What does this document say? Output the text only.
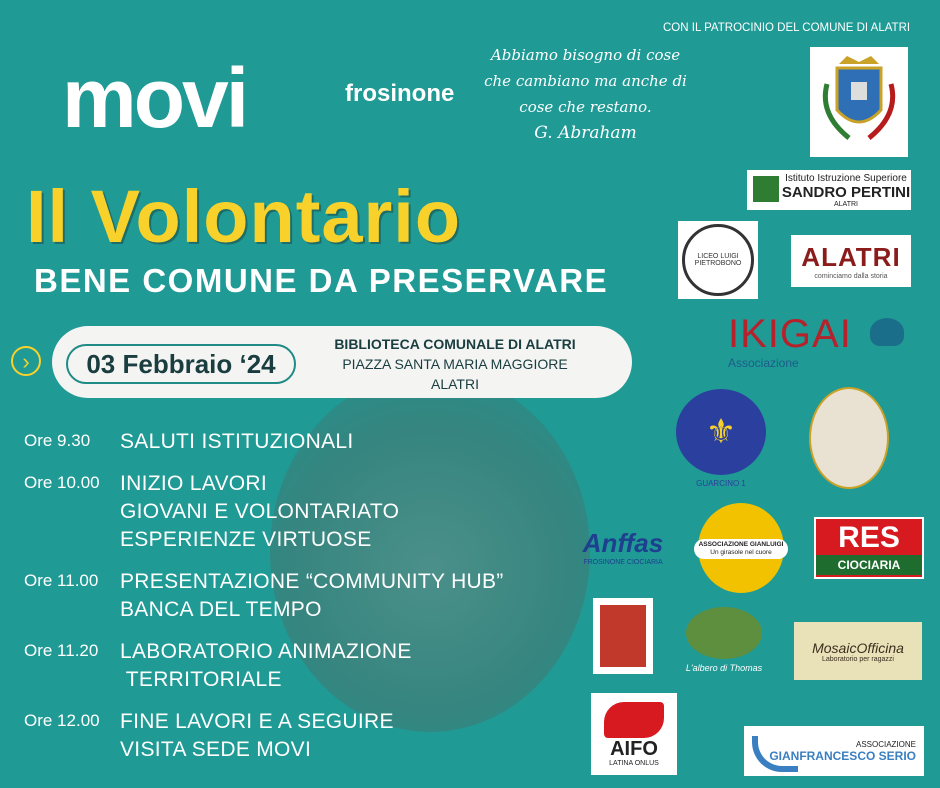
CON IL PATROCINIO DEL COMUNE DI ALATRI
movi	frosinone
Abbiamo bisogno di cose
che cambiano ma anche di
cose che restano.
G. Abraham
Il Volontario
BENE COMUNE DA PRESERVARE
›	03 Febbraio ‘24
BIBLIOTECA COMUNALE DI ALATRI
PIAZZA SANTA MARIA MAGGIORE
ALATRI
Ore 9.30	SALUTI ISTITUZIONALI
Ore 10.00 INIZIO LAVORI
GIOVANI E VOLONTARIATO
ESPERIENZE VIRTUOSE
Ore 11.00	PRESENTAZIONE “COMMUNITY HUB”
BANCA DEL TEMPO
Ore 11.20	LABORATORIO ANIMAZIONE
TERRITORIALE
Ore 12.00 FINE LAVORI E A SEGUIRE
VISITA SEDE MOVI
Istituto Istruzione Superiore
SANDRO PERTINI
ALATRI
LICEO LUIGI PIETROBONO	ALATRI
cominciamo dalla storia
IKIGAI
Associazione
⚜
GUARCINO 1
Anffas
FROSINONE CIOCIARIA
ASSOCIAZIONE GIANLUIGI
Un girasole nel cuore	RES
CIOCIARIA
L'albero di Thomas
MosaicOfficina
Laboratorio per ragazzi
AIFO
LATINA ONLUS
ASSOCIAZIONE
GIANFRANCESCO SERIO
